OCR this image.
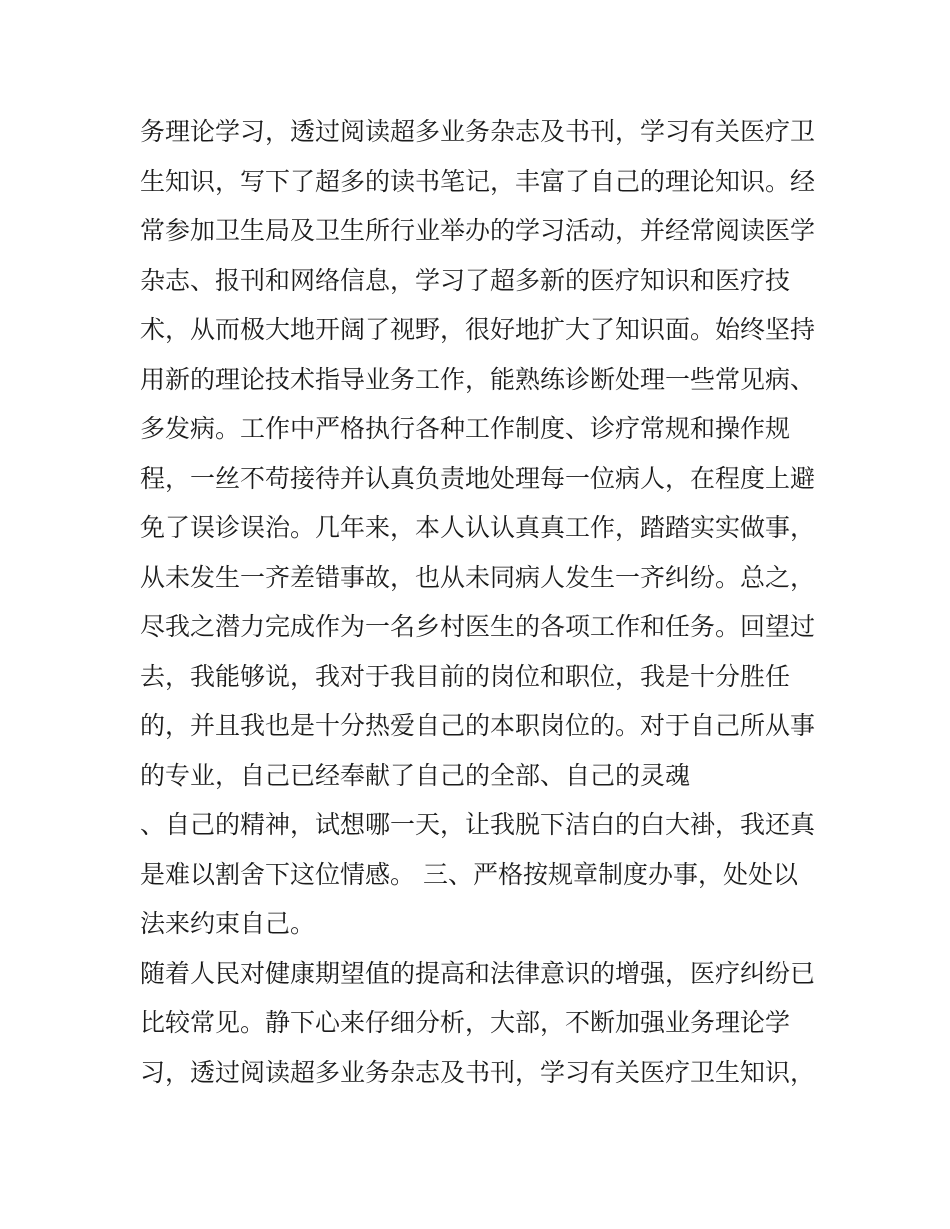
务理论学习，透过阅读超多业务杂志及书刊，学习有关医疗卫
生知识，写下了超多的读书笔记，丰富了自己的理论知识。经
常参加卫生局及卫生所行业举办的学习活动，并经常阅读医学
杂志、报刊和网络信息，学习了超多新的医疗知识和医疗技
术，从而极大地开阔了视野，很好地扩大了知识面。始终坚持
用新的理论技术指导业务工作，能熟练诊断处理一些常见病、
多发病。工作中严格执行各种工作制度、诊疗常规和操作规
程，一丝不苟接待并认真负责地处理每一位病人，在程度上避
免了误诊误治。几年来，本人认认真真工作，踏踏实实做事，
从未发生一齐差错事故，也从未同病人发生一齐纠纷。总之，
尽我之潜力完成作为一名乡村医生的各项工作和任务。回望过
去，我能够说，我对于我目前的岗位和职位，我是十分胜任
的，并且我也是十分热爱自己的本职岗位的。对于自己所从事
的专业，自己已经奉献了自己的全部、自己的灵魂
、自己的精神，试想哪一天，让我脱下洁白的白大褂，我还真
是难以割舍下这位情感。 三、严格按规章制度办事，处处以
法来约束自己。
随着人民对健康期望值的提高和法律意识的增强，医疗纠纷已
比较常见。静下心来仔细分析，大部，不断加强业务理论学
习，透过阅读超多业务杂志及书刊，学习有关医疗卫生知识，
